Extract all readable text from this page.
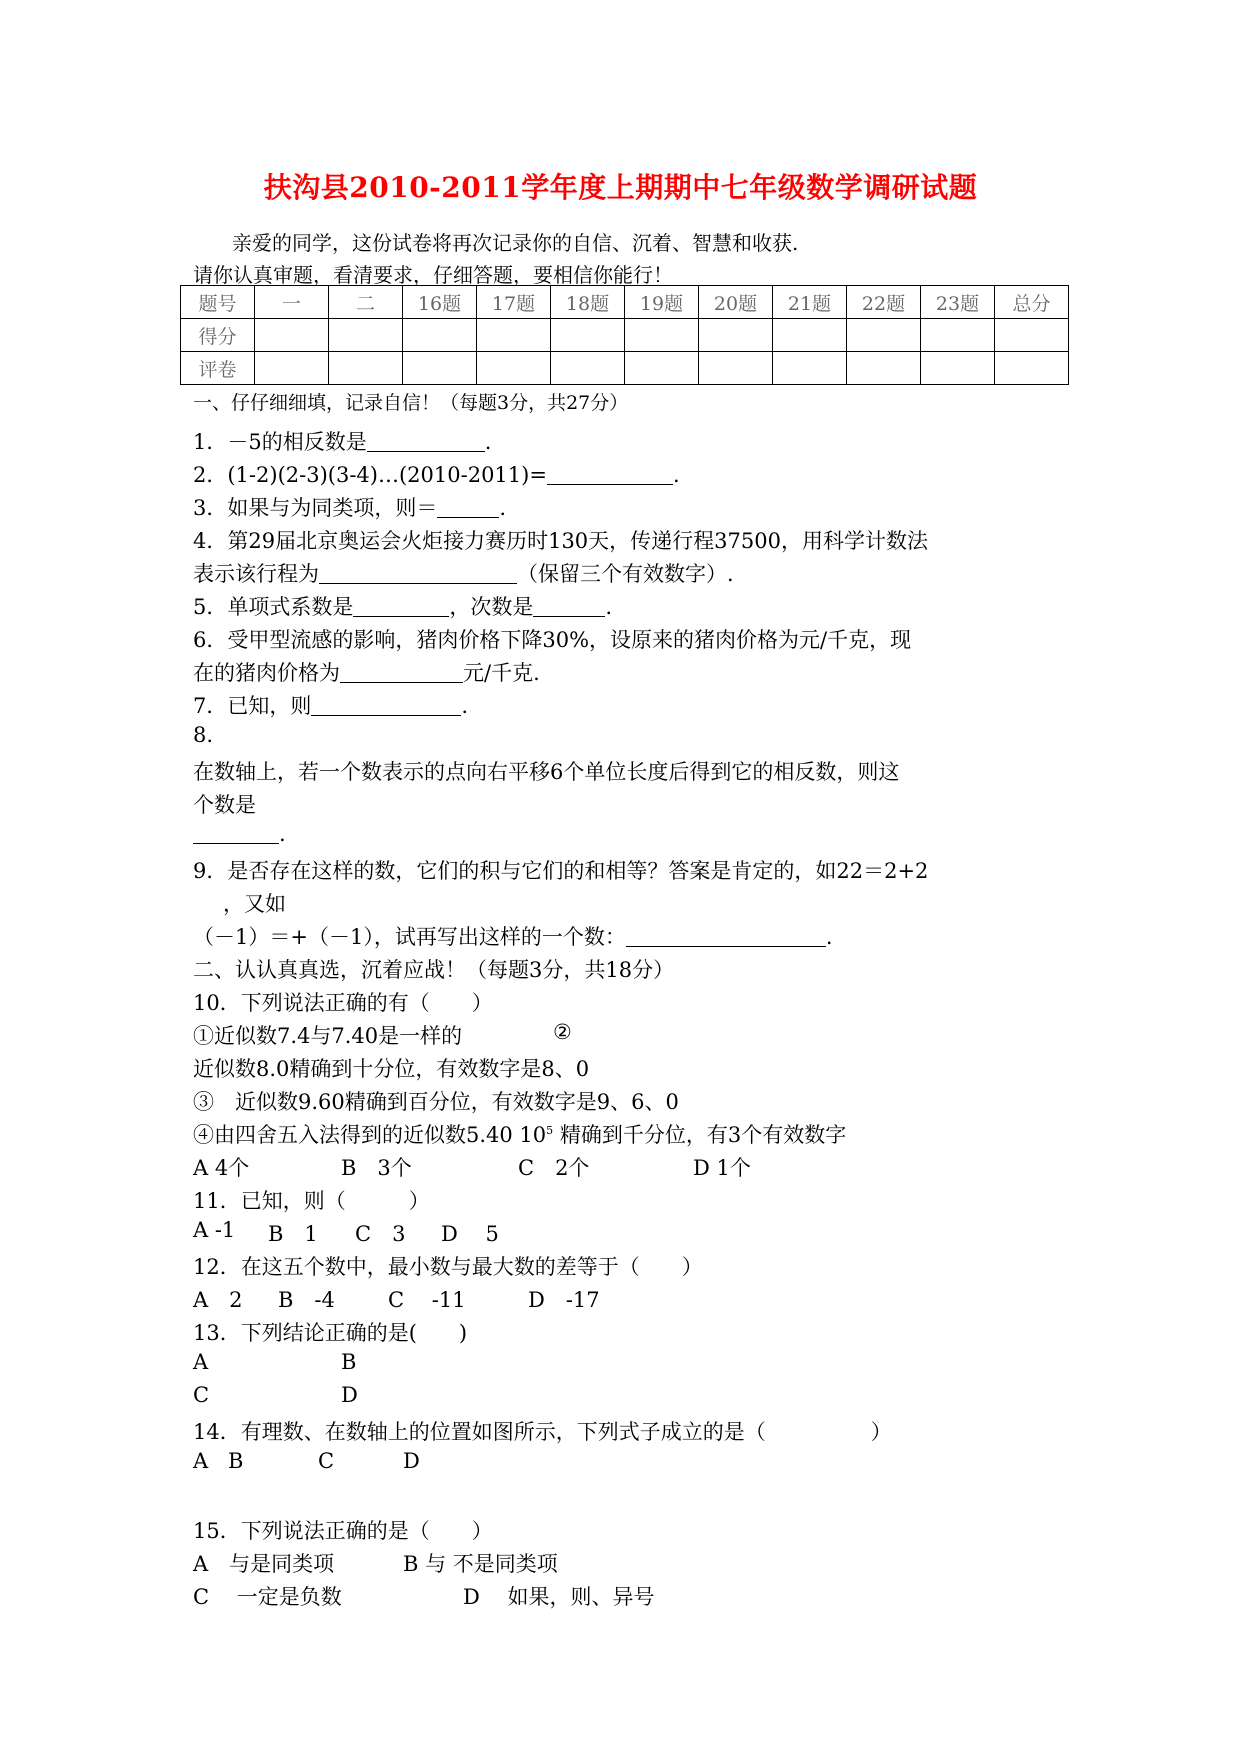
扶沟县2010-2011学年度上期期中七年级数学调研试题
亲爱的同学，这份试卷将再次记录你的自信、沉着、智慧和收获.
请你认真审题，看清要求，仔细答题，要相信你能行！
题号	一	二	16题	17题	18题	19题	20题	21题	22题	23题	总分
得分											
评卷											
一、仔仔细细填，记录自信！（每题3分，共27分）
1．－5的相反数是	.
2．(1-2)(2-3)(3-4)…(2010-2011)=	.
3．如果与为同类项，则＝	.
4．第29届北京奥运会火炬接力赛历时130天，传递行程37500，用科学计数法
表示该行程为	（保留三个有效数字）.
5．单项式系数是	，次数是	.
6．受甲型流感的影响，猪肉价格下降30%，设原来的猪肉价格为元/千克，现
在的猪肉价格为	元/千克.
7．已知，则	.
8.
在数轴上，若一个数表示的点向右平移6个单位长度后得到它的相反数，则这
个数是
.
9．是否存在这样的数，它们的积与它们的和相等？答案是肯定的，如22＝2+2
，又如
（－1）＝+（－1），试再写出这样的一个数：	.
二、认认真真选，沉着应战！（每题3分，共18分）
10．下列说法正确的有（　　）
①近似数7.4与7.40是一样的	②
近似数8.0精确到十分位，有效数字是8、0
③　近似数9.60精确到百分位，有效数字是9、6、0
④由四舍五入法得到的近似数5.40 $10^5$ 精确到千分位，有3个有效数字
A 4个	B　3个	C　2个	D 1个
11．已知，则（　　　）
A -1 B　1 C　3 D　 5
12．在这五个数中，最小数与最大数的差等于（　　）
A　2 B　-4	C　 -11	D　-17
13．下列结论正确的是(　　)
A	B
C	D
14．有理数、在数轴上的位置如图所示，下列式子成立的是（　　　　　）
A B	C	D
15．下列说法正确的是（　　）
A　与是同类项	B 与 不是同类项
C　 一定是负数	D　 如果，则、异号
